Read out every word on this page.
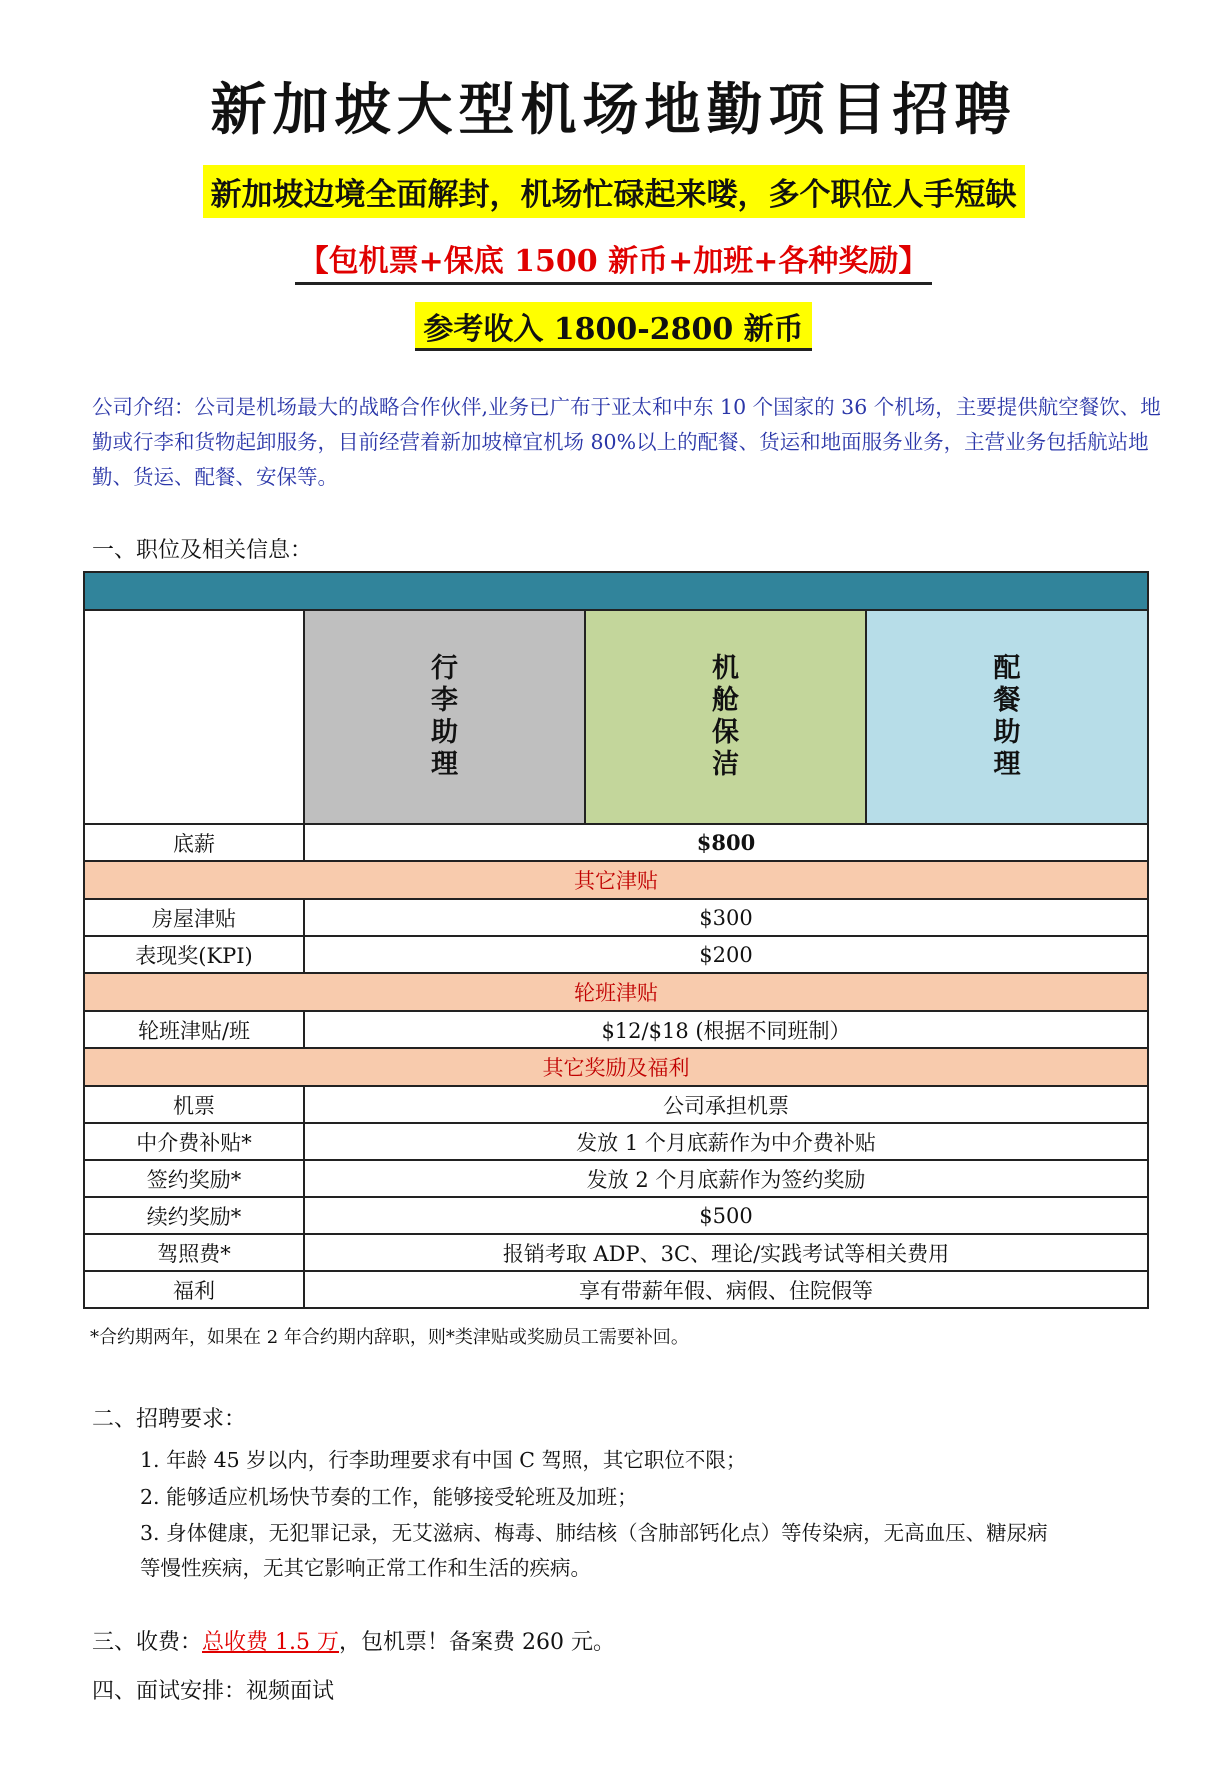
新加坡大型机场地勤项目招聘
新加坡边境全面解封，机场忙碌起来喽，多个职位人手短缺
【包机票+保底 1500 新币+加班+各种奖励】
参考收入 1800-2800 新币
公司介绍：公司是机场最大的战略合作伙伴,业务已广布于亚太和中东 10 个国家的 36 个机场，主要提供航空餐饮、地勤或行李和货物起卸服务，目前经营着新加坡樟宜机场 80%以上的配餐、货运和地面服务业务，主营业务包括航站地勤、货运、配餐、安保等。
一、职位及相关信息：

	行李助理	机舱保洁	配餐助理
底薪	$800		
其它津贴			
房屋津贴	$300		
表现奖(KPI)	$200		
轮班津贴			
轮班津贴/班	$12/$18 (根据不同班制）		
其它奖励及福利			
机票	公司承担机票		
中介费补贴*	发放 1 个月底薪作为中介费补贴		
签约奖励*	发放 2 个月底薪作为签约奖励		
续约奖励*	$500		
驾照费*	报销考取 ADP、3C、理论/实践考试等相关费用		
福利	享有带薪年假、病假、住院假等		
*合约期两年，如果在 2 年合约期内辞职，则*类津贴或奖励员工需要补回。
二、招聘要求：
1. 年龄 45 岁以内，行李助理要求有中国 C 驾照，其它职位不限；
2. 能够适应机场快节奏的工作，能够接受轮班及加班；
3. 身体健康，无犯罪记录，无艾滋病、梅毒、肺结核（含肺部钙化点）等传染病，无高血压、糖尿病
等慢性疾病，无其它影响正常工作和生活的疾病。
三、收费：总收费 1.5 万，包机票！备案费 260 元。
四、面试安排：视频面试
